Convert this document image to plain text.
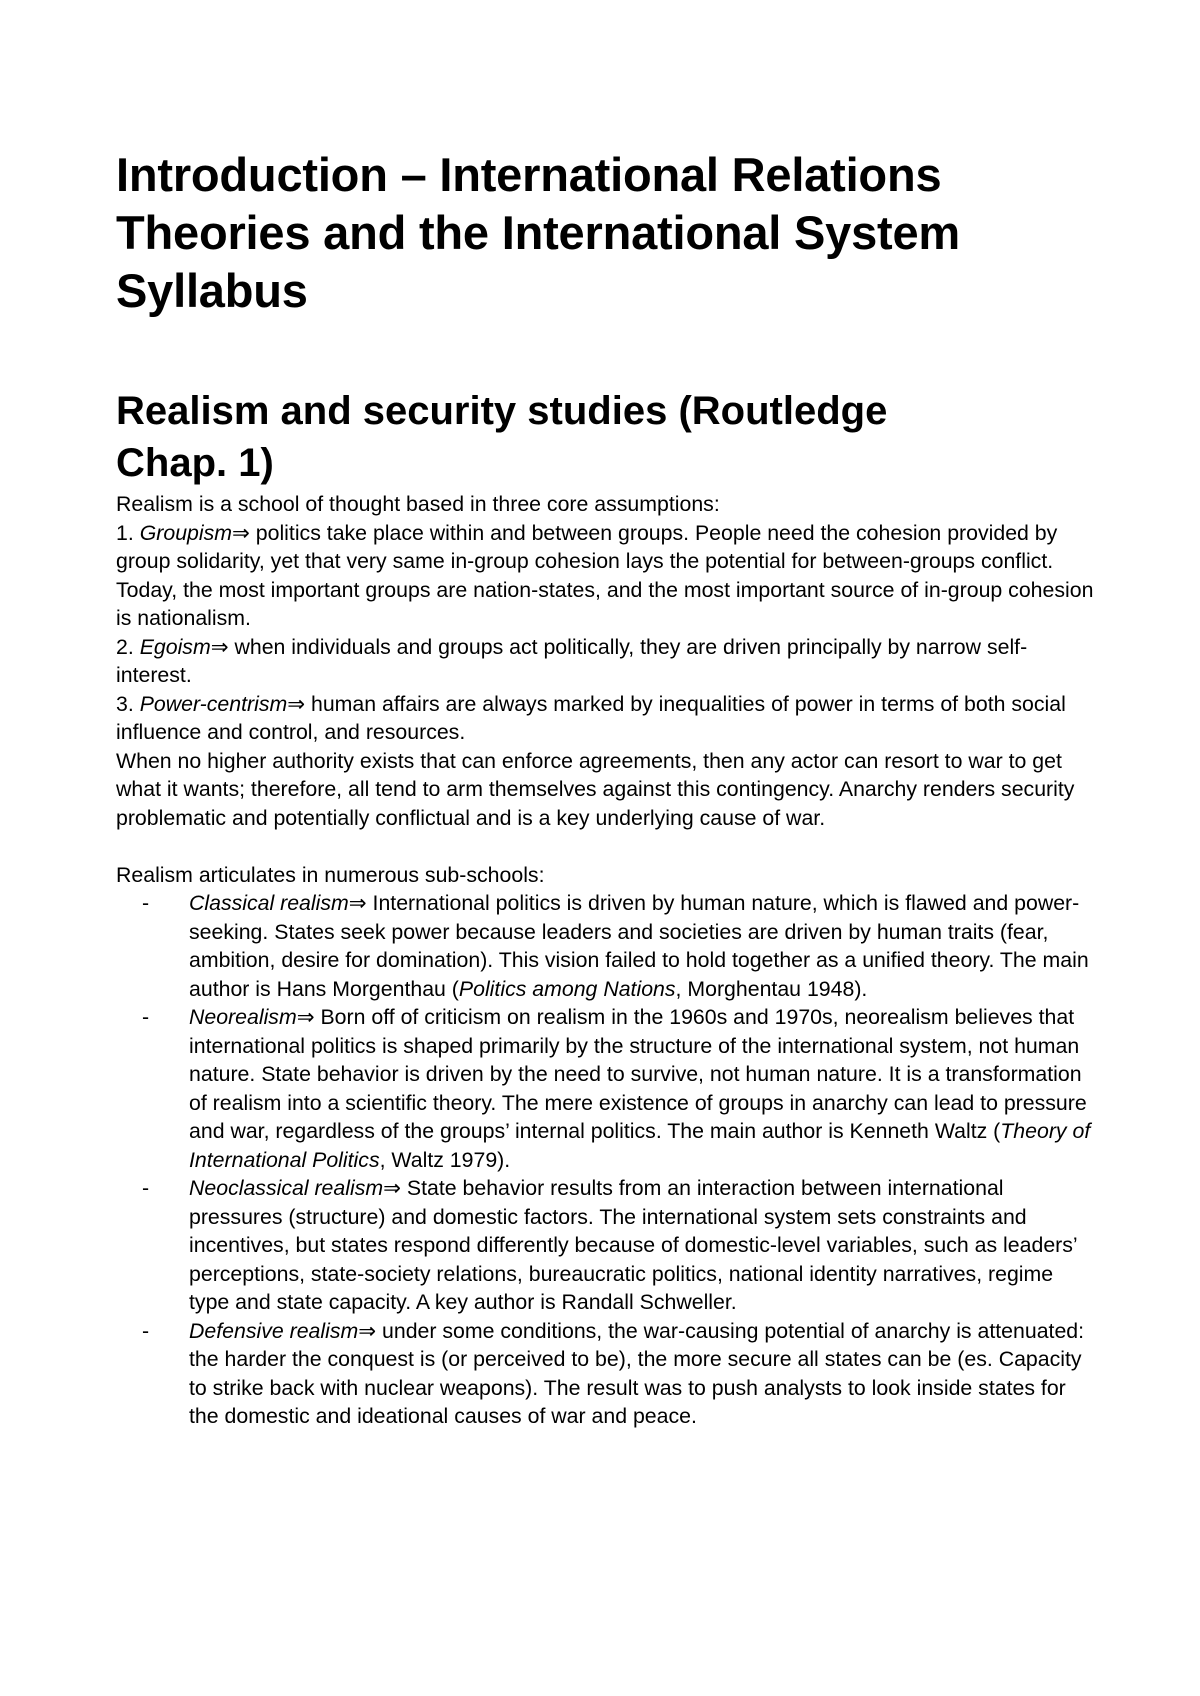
Introduction – International Relations
Theories and the International System
Syllabus
Realism and security studies (Routledge
Chap. 1)

Realism is a school of thought based in three core assumptions:

1. Groupism⇒ politics take place within and between groups. People need the cohesion provided by group solidarity, yet that very same in-group cohesion lays the potential for between-groups conflict. Today, the most important groups are nation-states, and the most important source of in-group cohesion is nationalism.

2. Egoism⇒ when individuals and groups act politically, they are driven principally by narrow self-interest.

3. Power-centrism⇒ human affairs are always marked by inequalities of power in terms of both social influence and control, and resources.

When no higher authority exists that can enforce agreements, then any actor can resort to war to get what it wants; therefore, all tend to arm themselves against this contingency. Anarchy renders security problematic and potentially conflictual and is a key underlying cause of war.

Realism articulates in numerous sub-schools:

- Classical realism⇒ International politics is driven by human nature, which is flawed and power-seeking. States seek power because leaders and societies are driven by human traits (fear, ambition, desire for domination). This vision failed to hold together as a unified theory. The main author is Hans Morgenthau (Politics among Nations, Morghentau 1948).
- Neorealism⇒ Born off of criticism on realism in the 1960s and 1970s, neorealism believes that international politics is shaped primarily by the structure of the international system, not human nature. State behavior is driven by the need to survive, not human nature. It is a transformation of realism into a scientific theory. The mere existence of groups in anarchy can lead to pressure and war, regardless of the groups’ internal politics. The main author is Kenneth Waltz (Theory of International Politics, Waltz 1979).
- Neoclassical realism⇒ State behavior results from an interaction between international pressures (structure) and domestic factors. The international system sets constraints and incentives, but states respond differently because of domestic-level variables, such as leaders’ perceptions, state-society relations, bureaucratic politics, national identity narratives, regime type and state capacity. A key author is Randall Schweller.
- Defensive realism⇒ under some conditions, the war-causing potential of anarchy is attenuated: the harder the conquest is (or perceived to be), the more secure all states can be (es. Capacity to strike back with nuclear weapons). The result was to push analysts to look inside states for the domestic and ideational causes of war and peace.
